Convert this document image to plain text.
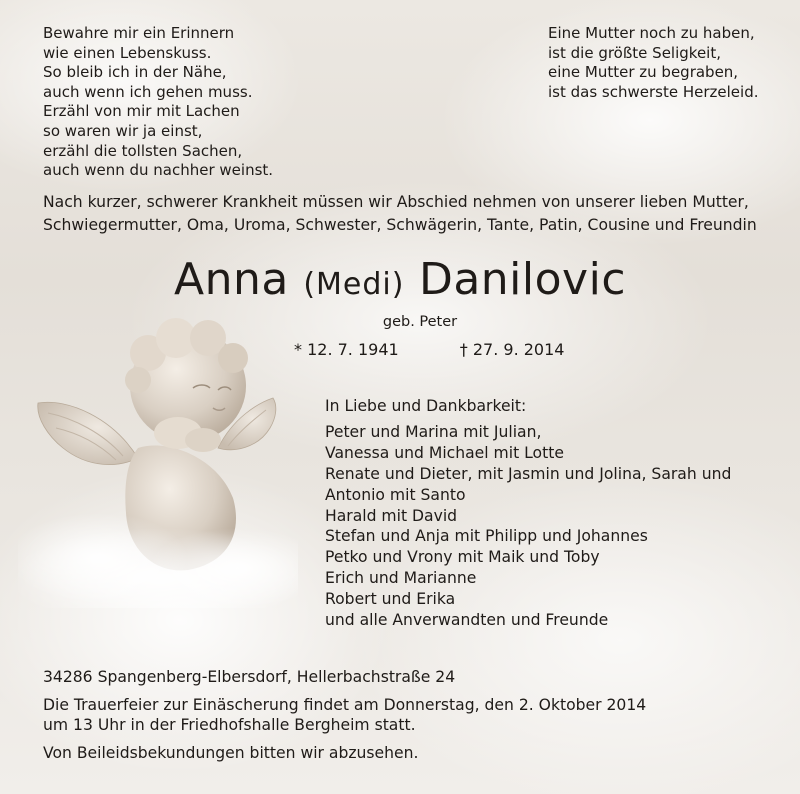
Bewahre mir ein Erinnern
wie einen Lebenskuss.
So bleib ich in der Nähe,
auch wenn ich gehen muss.
Erzähl von mir mit Lachen
so waren wir ja einst,
erzähl die tollsten Sachen,
auch wenn du nachher weinst.
Eine Mutter noch zu haben,
ist die größte Seligkeit,
eine Mutter zu begraben,
ist das schwerste Herzeleid.
Nach kurzer, schwerer Krankheit müssen wir Abschied nehmen von unserer lieben Mutter,
Schwiegermutter, Oma, Uroma, Schwester, Schwägerin, Tante, Patin, Cousine und Freundin
Anna (Medi) Danilovic
geb. Peter
* 12. 7. 1941	† 27. 9. 2014
In Liebe und Dankbarkeit:
Peter und Marina mit Julian,
Vanessa und Michael mit Lotte
Renate und Dieter, mit Jasmin und Jolina, Sarah und
Antonio mit Santo
Harald mit David
Stefan und Anja mit Philipp und Johannes
Petko und Vrony mit Maik und Toby
Erich und Marianne
Robert und Erika
und alle Anverwandten und Freunde
34286 Spangenberg-Elbersdorf, Hellerbachstraße 24
Die Trauerfeier zur Einäscherung findet am Donnerstag, den 2. Oktober 2014
um 13 Uhr in der Friedhofshalle Bergheim statt.
Von Beileidsbekundungen bitten wir abzusehen.
